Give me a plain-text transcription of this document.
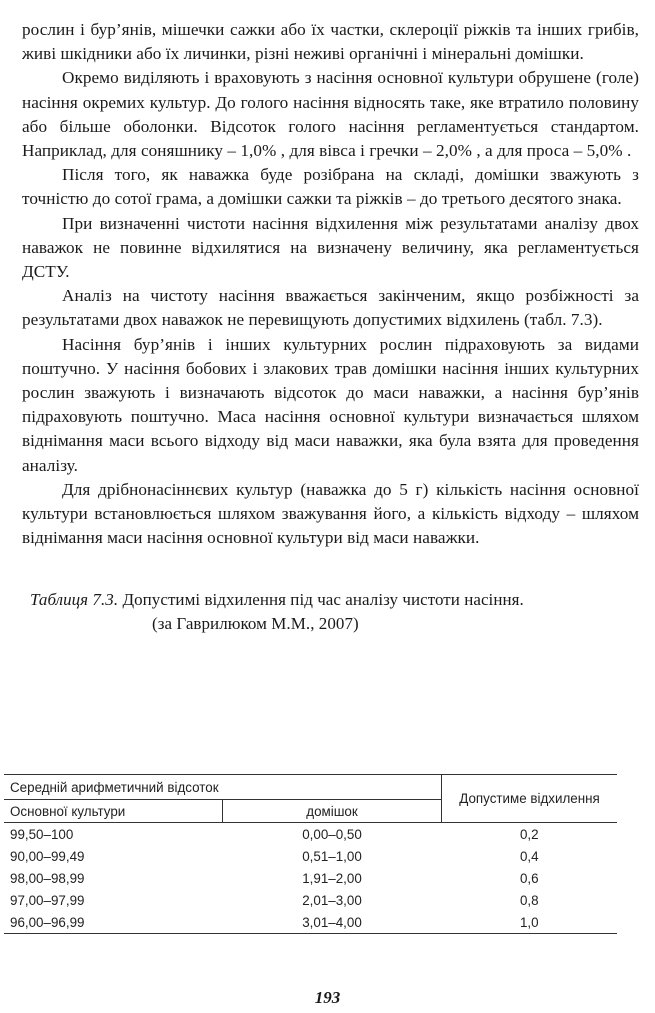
рослин і бур’янів, мішечки сажки або їх частки, склероції ріжків та інших грибів, живі шкідники або їх личинки, різні неживі органічні і мінеральні домішки.

Окремо виділяють і враховують з насіння основної культури обрушене (голе) насіння окремих культур. До голого насіння відносять таке, яке втратило половину або більше оболонки. Відсоток голого насіння регламентується стандартом. Наприклад, для соняшнику – 1,0% , для вівса і гречки – 2,0% , а для проса – 5,0% .

Після того, як наважка буде розібрана на складі, домішки зважують з точністю до сотої грама, а домішки сажки та ріжків – до третього десятого знака.

При визначенні чистоти насіння відхилення між результатами аналізу двох наважок не повинне відхилятися на визначену величину, яка регламентується ДСТУ.

Аналіз на чистоту насіння вважається закінченим, якщо розбіжності за результатами двох наважок не перевищують допустимих відхилень (табл. 7.3).

Насіння бур’янів і інших культурних рослин підраховують за видами поштучно. У насіння бобових і злакових трав домішки насіння інших культурних рослин зважують і визначають відсоток до маси наважки, а насіння бур’янів підраховують поштучно. Маса насіння основної культури визначається шляхом віднімання маси всього відходу від маси наважки, яка була взята для проведення аналізу.

Для дрібнонасіннєвих культур (наважка до 5 г) кількість насіння основної культури встановлюється шляхом зважування його, а кількість відходу – шляхом віднімання маси насіння основної культури від маси наважки.

Таблиця 7.3. Допустимі відхилення під час аналізу чистоти насіння.
(за Гаврилюком М.М., 2007)
Середній арифметичний відсоток		Допустиме відхилення
Основної культури	домішок	
99,50–100	0,00–0,50	0,2
90,00–99,49	0,51–1,00	0,4
98,00–98,99	1,91–2,00	0,6
97,00–97,99	2,01–3,00	0,8
96,00–96,99	3,01–4,00	1,0
193
